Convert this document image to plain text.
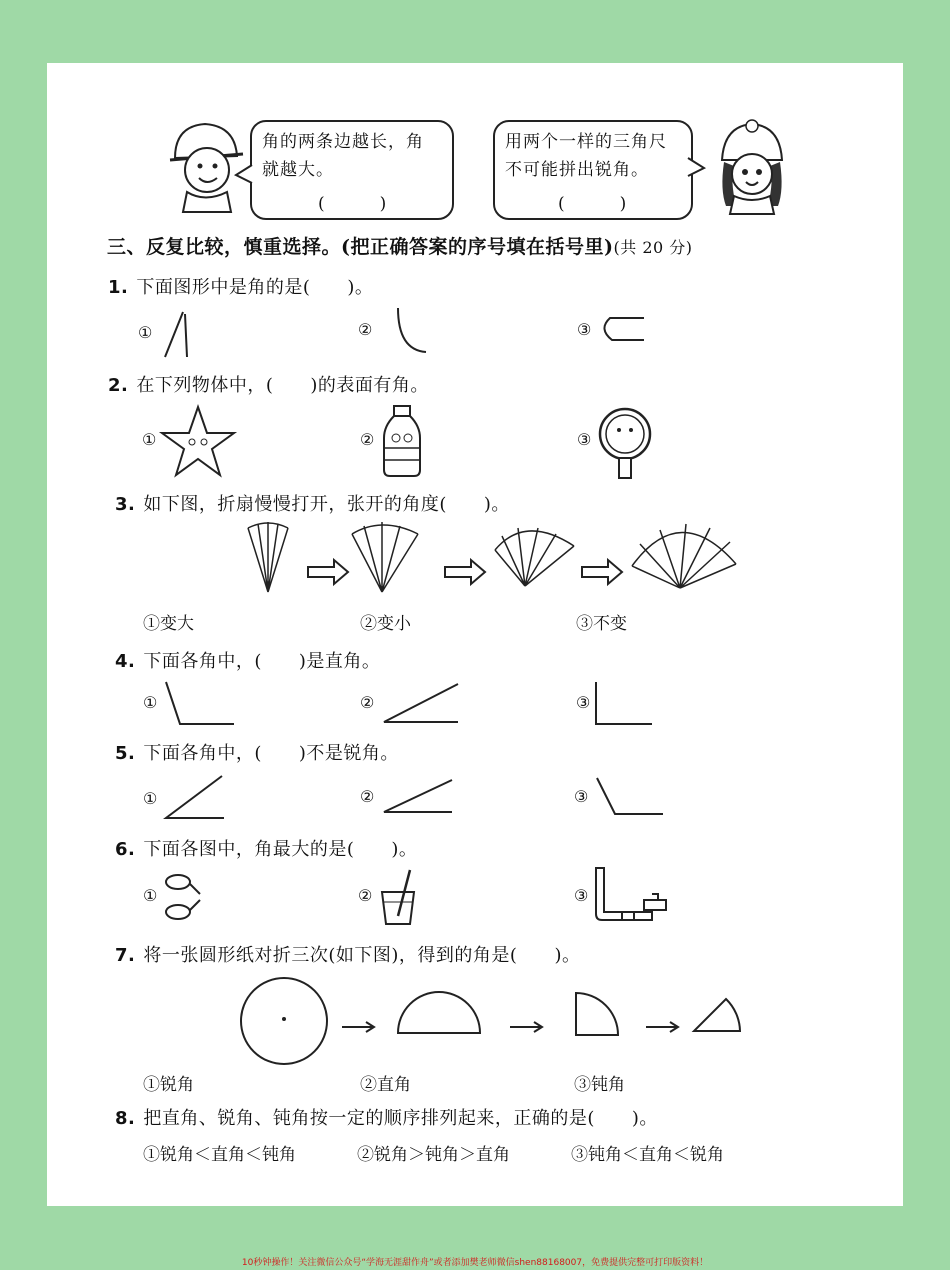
角的两条边越长，角
就越大。
(　　　)
用两个一样的三角尺
不可能拼出锐角。
(　　　)
三、反复比较，慎重选择。(把正确答案的序号填在括号里)(共 20 分)
1. 下面图形中是角的是(　　)。
①	②	③
2. 在下列物体中，(　　)的表面有角。
①	②	③
3. 如下图，折扇慢慢打开，张开的角度(　　)。
①变大	②变小	③不变
4. 下面各角中，(　　)是直角。
①	②	③
5. 下面各角中，(　　)不是锐角。
①	②	③
6. 下面各图中，角最大的是(　　)。
①	②	③
7. 将一张圆形纸对折三次(如下图)，得到的角是(　　)。
①锐角	②直角	③钝角
8. 把直角、锐角、钝角按一定的顺序排列起来，正确的是(　　)。
①锐角＜直角＜钝角	②锐角＞钝角＞直角	③钝角＜直角＜锐角
10秒钟操作！关注微信公众号“学海无涯甜作舟”或者添加樊老师微信shen88168007，免费提供完整可打印版资料！
